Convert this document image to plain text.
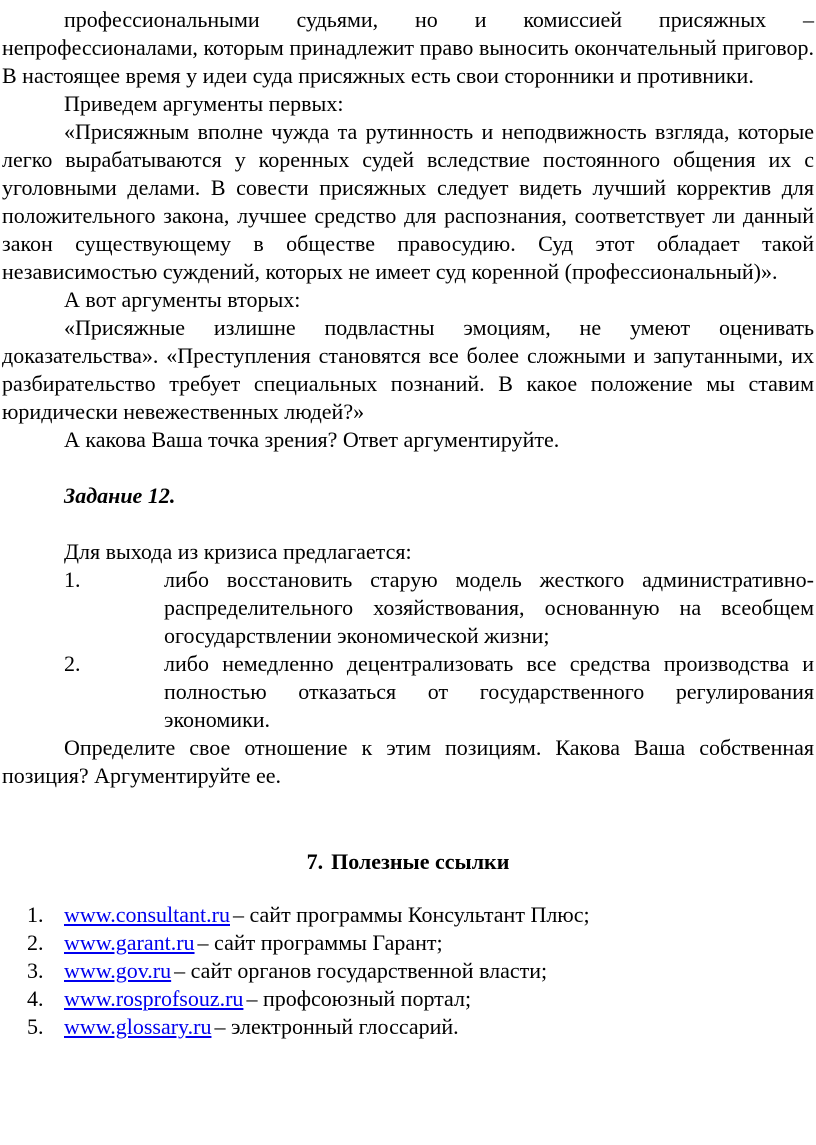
профессиональными судьями, но и комиссией присяжных – непрофессионалами, которым принадлежит право выносить окончательный приговор. В настоящее время у идеи суда присяжных есть свои сторонники и противники.

Приведем аргументы первых:

«Присяжным вполне чужда та рутинность и неподвижность взгляда, которые легко вырабатываются у коренных судей вследствие постоянного общения их с уголовными делами. В совести присяжных следует видеть лучший корректив для положительного закона, лучшее средство для распознания, соответствует ли данный закон существующему в обществе правосудию. Суд этот обладает такой независимостью суждений, которых не имеет суд коренной (профессиональный)».

А вот аргументы вторых:

«Присяжные излишне подвластны эмоциям, не умеют оценивать доказательства». «Преступления становятся все более сложными и запутанными, их разбирательство требует специальных познаний. В какое положение мы ставим юридически невежественных людей?»

А какова Ваша точка зрения? Ответ аргументируйте.

Задание 12.

Для выхода из кризиса предлагается:

1.	либо восстановить старую модель жесткого административно-распределительного хозяйствования, основанную на всеобщем огосударствлении экономической жизни;
2.	либо немедленно децентрализовать все средства производства и полностью отказаться от государственного регулирования экономики.

Определите свое отношение к этим позициям. Какова Ваша собственная позиция? Аргументируйте ее.

7. Полезные ссылки

1. www.consultant.ru – сайт программы Консультант Плюс;
2. www.garant.ru – сайт программы Гарант;
3. www.gov.ru – сайт органов государственной власти;
4. www.rosprofsouz.ru – профсоюзный портал;
5. www.glossary.ru – электронный глоссарий.
